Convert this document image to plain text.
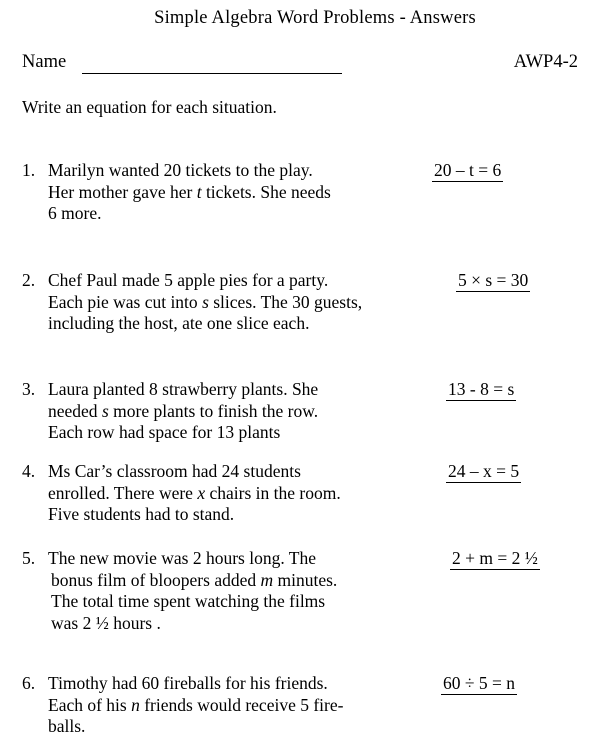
Simple Algebra Word Problems - Answers
Name	AWP4-2
Write an equation for each situation.
1. Marilyn wanted 20 tickets to the play.
Her mother gave her t tickets. She needs
6 more.
20 – t = 6
2. Chef Paul made 5 apple pies for a party.
Each pie was cut into s slices. The 30 guests,
including the host, ate one slice each.
5 × s = 30
3. Laura planted 8 strawberry plants. She
needed s more plants to finish the row.
Each row had space for 13 plants
13 - 8 = s
4. Ms Car’s classroom had 24 students
enrolled. There were x chairs in the room.
Five students had to stand.
24 – x = 5
5. The new movie was 2 hours long. The
bonus film of bloopers added m minutes.
The total time spent watching the films
was 2 ½ hours .
2 + m = 2 ½
6. Timothy had 60 fireballs for his friends.
Each of his n friends would receive 5 fire-
balls.
60 ÷ 5 = n
